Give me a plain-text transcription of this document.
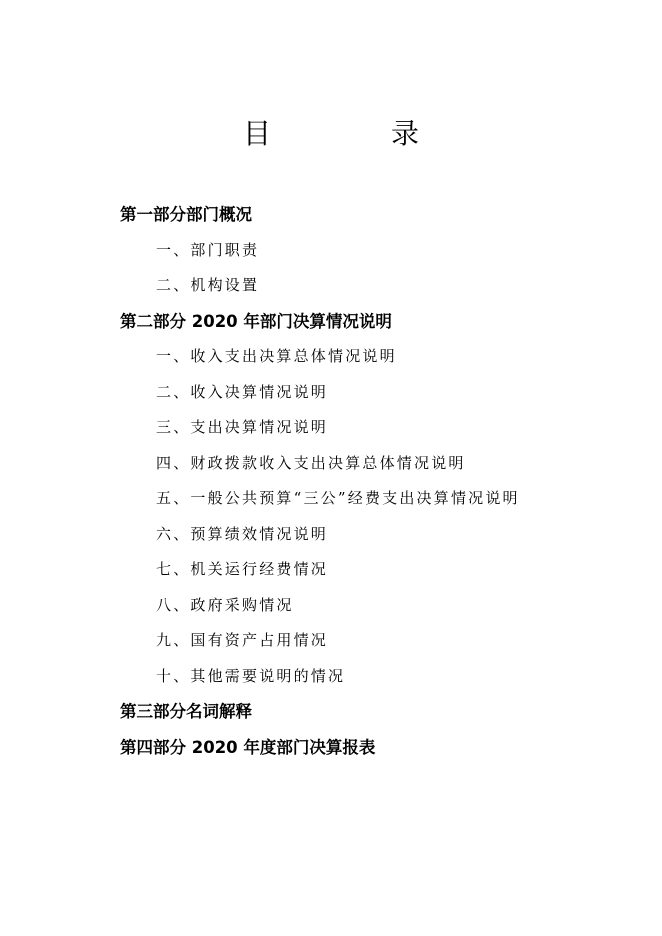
目　录
第一部分部门概况
一、部门职责
二、机构设置
第二部分 2020 年部门决算情况说明
一、收入支出决算总体情况说明
二、收入决算情况说明
三、支出决算情况说明
四、财政拨款收入支出决算总体情况说明
五、一般公共预算“三公”经费支出决算情况说明
六、预算绩效情况说明
七、机关运行经费情况
八、政府采购情况
九、国有资产占用情况
十、其他需要说明的情况
第三部分名词解释
第四部分 2020 年度部门决算报表
